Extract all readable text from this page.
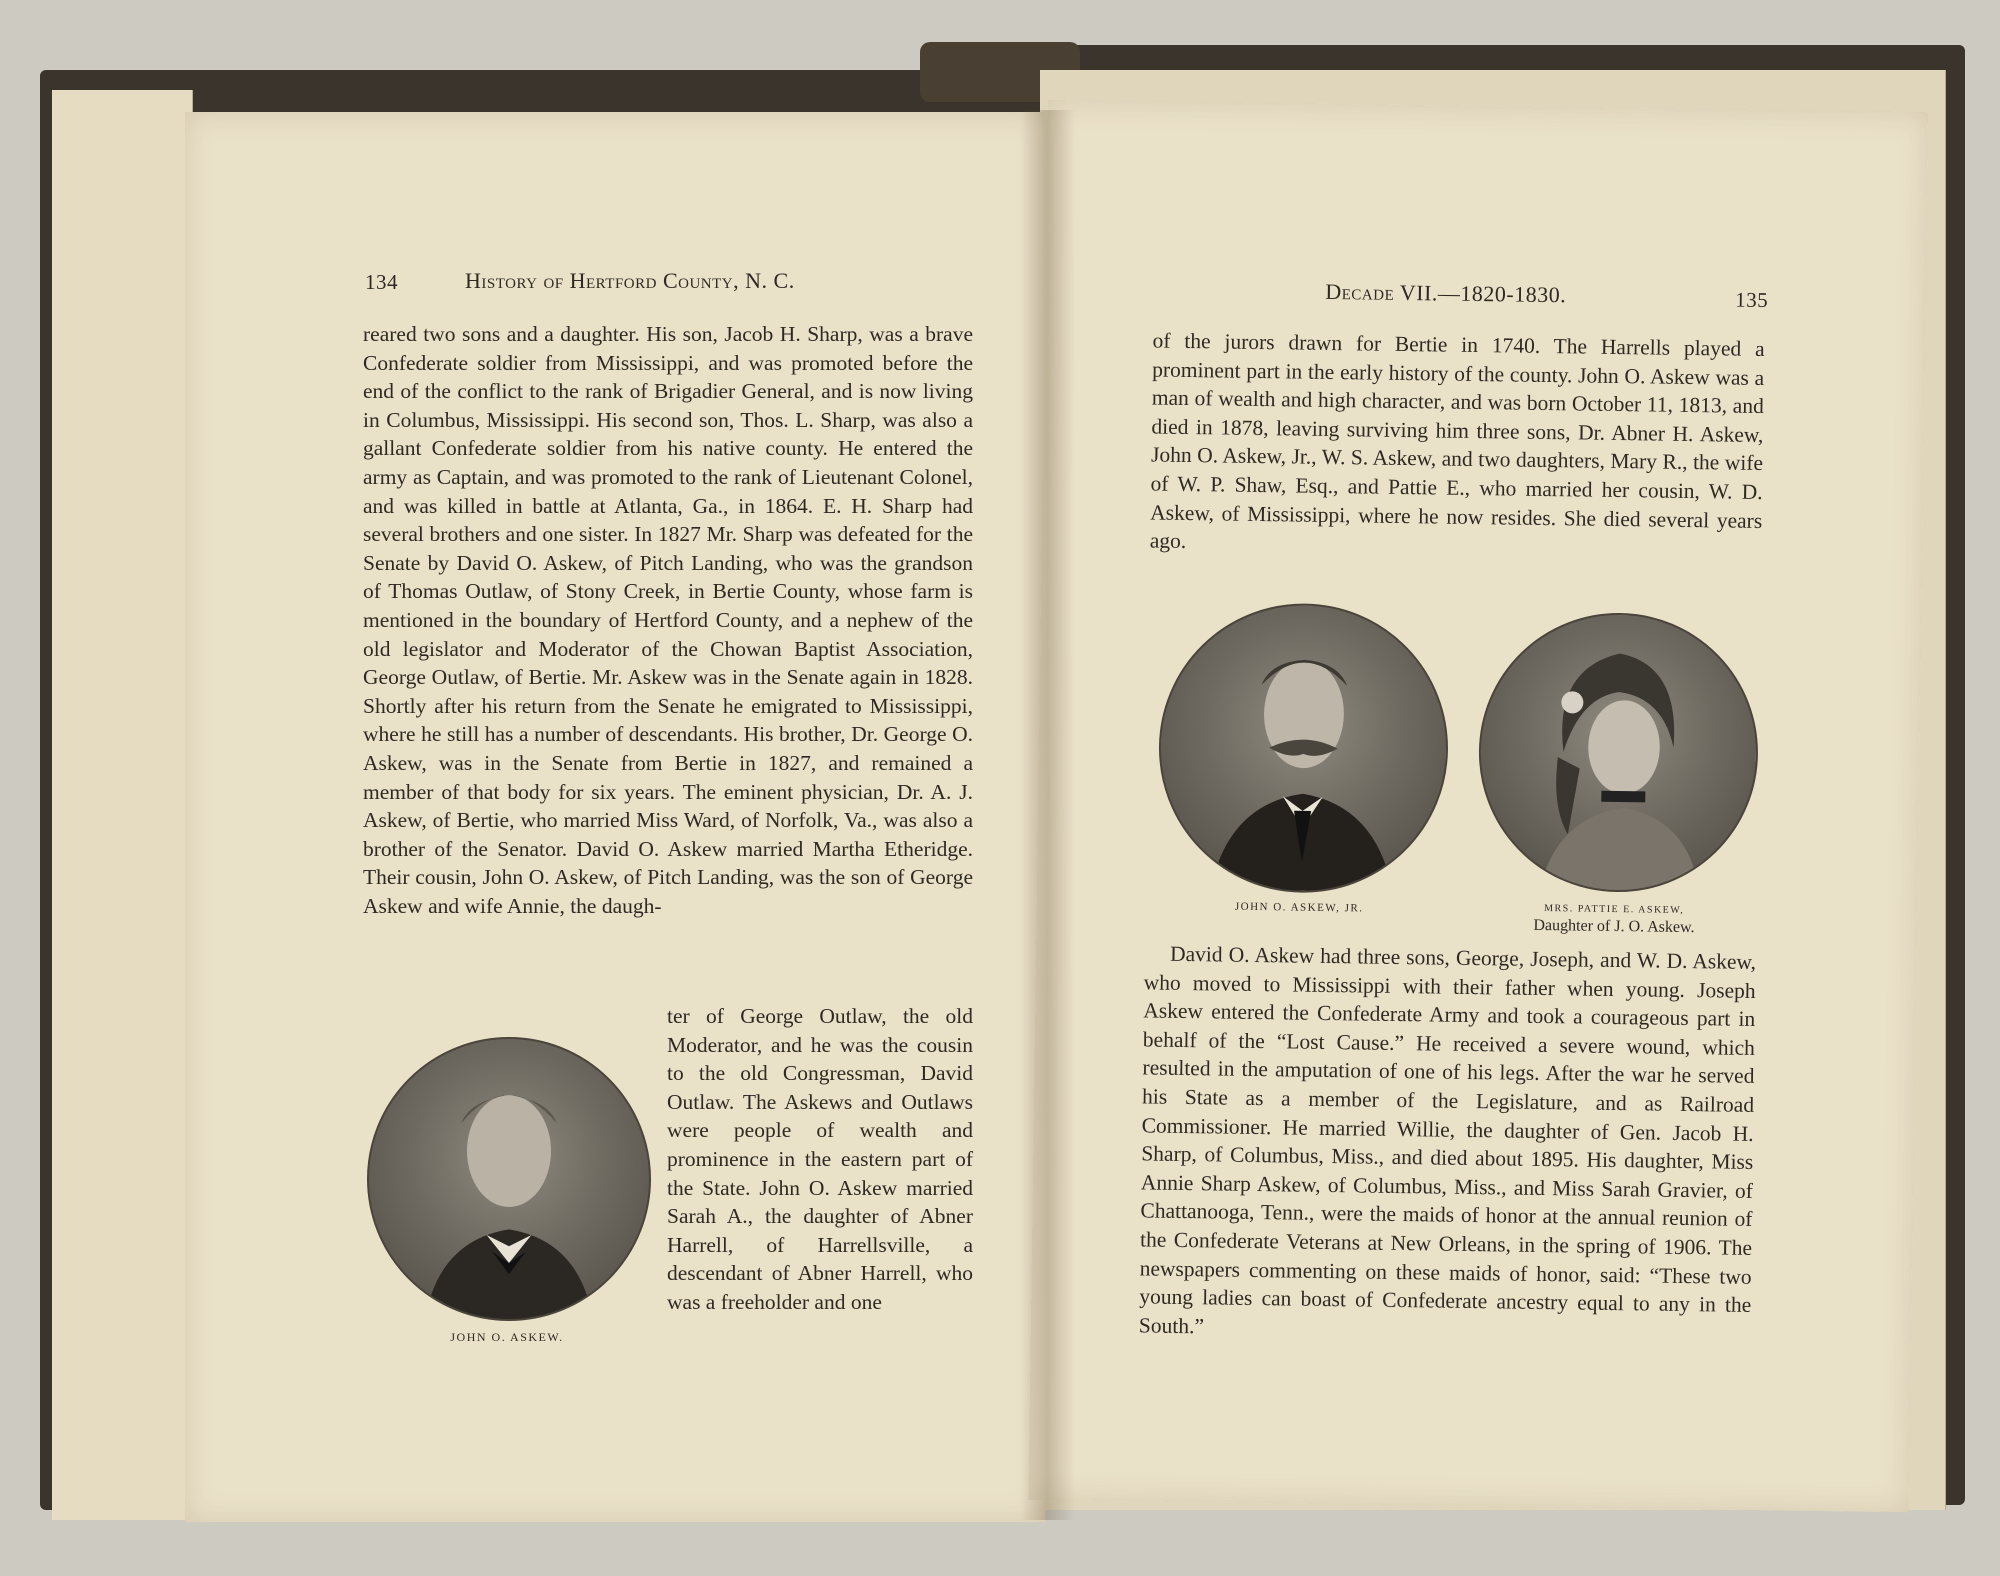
134	History of Hertford County, N. C.

reared two sons and a daughter. His son, Jacob H. Sharp, was a brave Confederate soldier from Mississippi, and was promoted before the end of the conflict to the rank of Brigadier General, and is now living in Columbus, Mississippi. His second son, Thos. L. Sharp, was also a gallant Confederate soldier from his native county. He entered the army as Captain, and was promoted to the rank of Lieutenant Colonel, and was killed in battle at Atlanta, Ga., in 1864. E. H. Sharp had several brothers and one sister. In 1827 Mr. Sharp was defeated for the Senate by David O. Askew, of Pitch Landing, who was the grandson of Thomas Outlaw, of Stony Creek, in Bertie County, whose farm is mentioned in the boundary of Hertford County, and a nephew of the old legislator and Moderator of the Chowan Baptist Association, George Outlaw, of Bertie. Mr. Askew was in the Senate again in 1828. Shortly after his return from the Senate he emigrated to Mississippi, where he still has a number of descendants. His brother, Dr. George O. Askew, was in the Senate from Bertie in 1827, and remained a member of that body for six years. The eminent physician, Dr. A. J. Askew, of Bertie, who married Miss Ward, of Norfolk, Va., was also a brother of the Senator. David O. Askew married Martha Etheridge. Their cousin, John O. Askew, of Pitch Landing, was the son of George Askew and wife Annie, the daugh-

ter of George Outlaw, the old Moderator, and he was the cousin to the old Congressman, David Outlaw. The Askews and Outlaws were people of wealth and prominence in the eastern part of the State. John O. Askew married Sarah A., the daughter of Abner Harrell, of Harrellsville, a descendant of Abner Harrell, who was a freeholder and one

JOHN O. ASKEW.
Decade VII.—1820-1830.	135

of the jurors drawn for Bertie in 1740. The Harrells played a prominent part in the early history of the county. John O. Askew was a man of wealth and high character, and was born October 11, 1813, and died in 1878, leaving surviving him three sons, Dr. Abner H. Askew, John O. Askew, Jr., W. S. Askew, and two daughters, Mary R., the wife of W. P. Shaw, Esq., and Pattie E., who married her cousin, W. D. Askew, of Mississippi, where he now resides. She died several years ago.

JOHN O. ASKEW, JR.	MRS. PATTIE E. ASKEW,
Daughter of J. O. Askew.

David O. Askew had three sons, George, Joseph, and W. D. Askew, who moved to Mississippi with their father when young. Joseph Askew entered the Confederate Army and took a courageous part in behalf of the “Lost Cause.” He received a severe wound, which resulted in the amputation of one of his legs. After the war he served his State as a member of the Legislature, and as Railroad Commissioner. He married Willie, the daughter of Gen. Jacob H. Sharp, of Columbus, Miss., and died about 1895. His daughter, Miss Annie Sharp Askew, of Columbus, Miss., and Miss Sarah Gravier, of Chattanooga, Tenn., were the maids of honor at the annual reunion of the Confederate Veterans at New Orleans, in the spring of 1906. The newspapers commenting on these maids of honor, said: “These two young ladies can boast of Confederate ancestry equal to any in the South.”
